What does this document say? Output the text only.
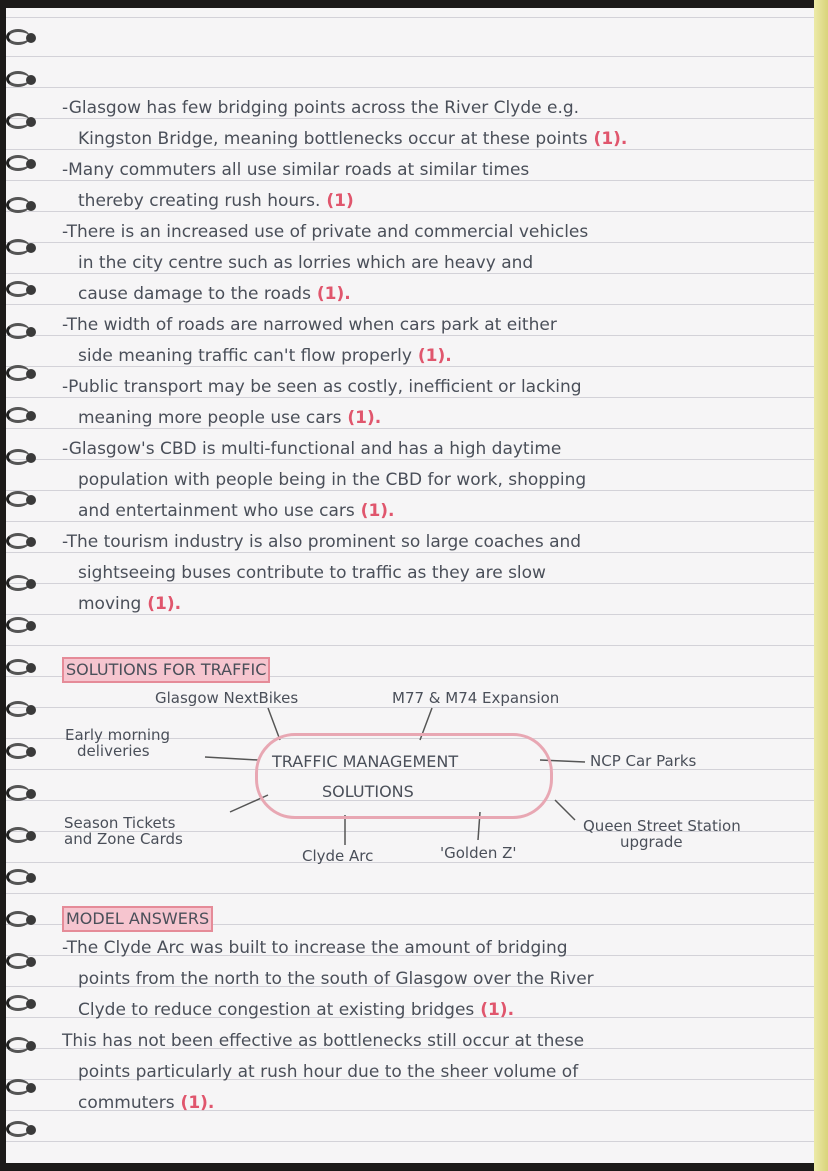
-Glasgow has few bridging points across the River Clyde e.g.
Kingston Bridge, meaning bottlenecks occur at these points (1).
-Many commuters all use similar roads at similar times
thereby creating rush hours. (1)
-There is an increased use of private and commercial vehicles
in the city centre such as lorries which are heavy and
cause damage to the roads (1).
-The width of roads are narrowed when cars park at either
side meaning traffic can't flow properly (1).
-Public transport may be seen as costly, inefficient or lacking
meaning more people use cars (1).
-Glasgow's CBD is multi-functional and has a high daytime
population with people being in the CBD for work, shopping
and entertainment who use cars (1).
-The tourism industry is also prominent so large coaches and
sightseeing buses contribute to traffic as they are slow
moving (1).
SOLUTIONS FOR TRAFFIC
TRAFFIC MANAGEMENT
SOLUTIONS
Glasgow NextBikes	M77 & M74 Expansion
Early morning
deliveries
NCP Car Parks
Season Tickets
and Zone Cards
Clyde Arc	'Golden Z'
Queen Street Station
upgrade
MODEL ANSWERS
-The Clyde Arc was built to increase the amount of bridging
points from the north to the south of Glasgow over the River
Clyde to reduce congestion at existing bridges (1).
This has not been effective as bottlenecks still occur at these
points particularly at rush hour due to the sheer volume of
commuters (1).
